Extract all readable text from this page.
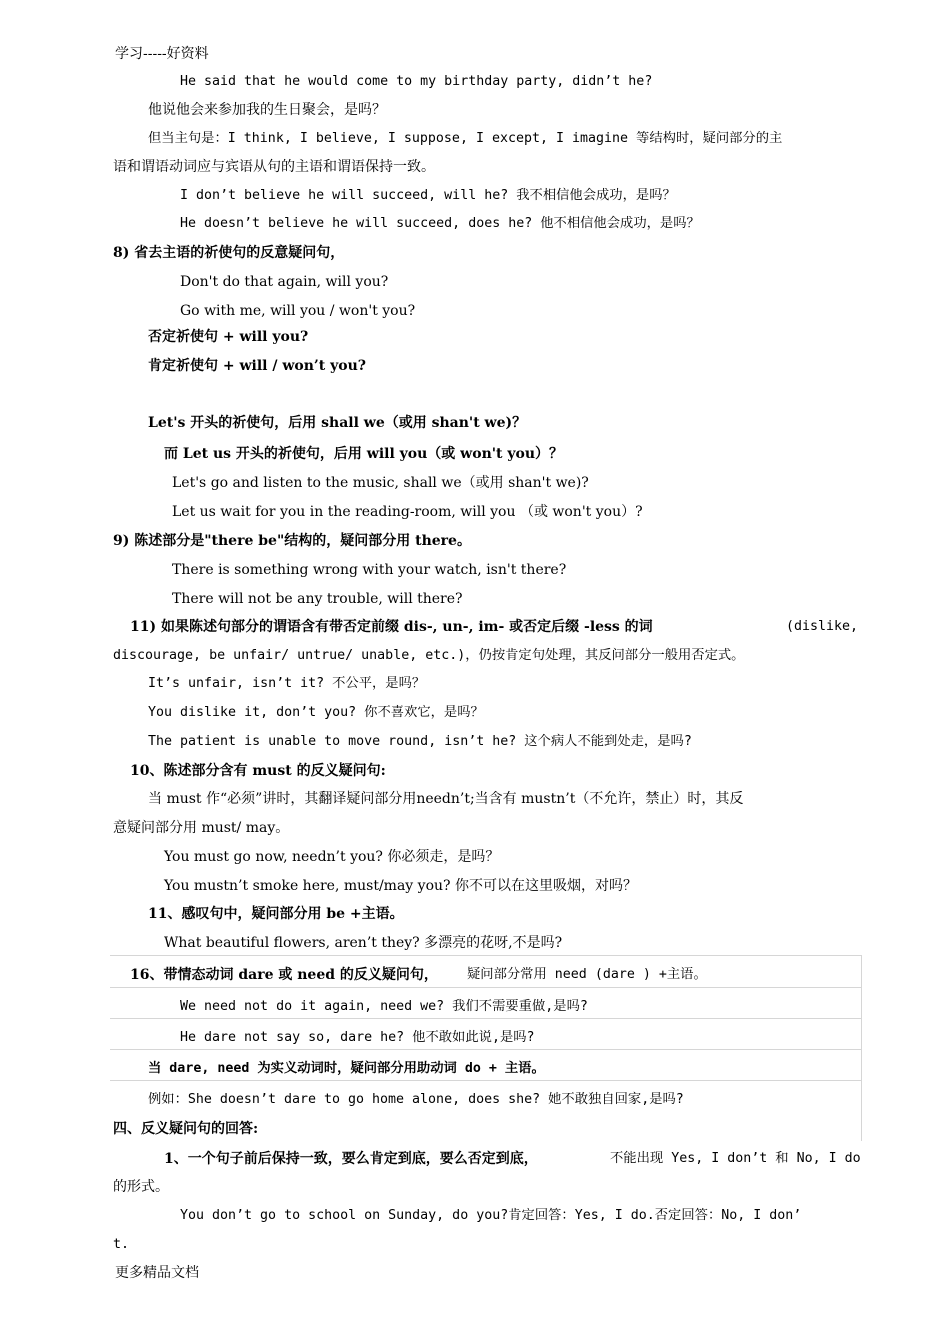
学习-----好资料
He said that he would come to my birthday party, didn’t he?
他说他会来参加我的生日聚会，是吗？
但当主句是：I think, I believe, I suppose, I except, I imagine 等结构时，疑问部分的主
语和谓语动词应与宾语从句的主语和谓语保持一致。
I don’t believe he will succeed, will he? 我不相信他会成功，是吗？
He doesn’t believe he will succeed, does he? 他不相信他会成功，是吗？
8) 省去主语的祈使句的反意疑问句，
Don't do that again, will you?
Go with me, will you / won't you?
否定祈使句 + will you?
肯定祈使句 + will / won’t you?
Let's 开头的祈使句，后用 shall we（或用 shan't we)？
而 Let us 开头的祈使句，后用 will you（或 won't you）？
Let's go and listen to the music, shall we（或用 shan't we)?
Let us wait for you in the reading-room, will you （或 won't you）?
9) 陈述部分是"there be"结构的，疑问部分用 there。
There is something wrong with your watch, isn't there?
There will not be any trouble, will there?
11) 如果陈述句部分的谓语含有带否定前缀 dis-, un-, im- 或否定后缀 -less 的词	(dislike,
discourage, be unfair/ untrue/ unable, etc.)，仍按肯定句处理，其反问部分一般用否定式。
It’s unfair, isn’t it? 不公平，是吗？
You dislike it, don’t you? 你不喜欢它，是吗？
The patient is unable to move round, isn’t he? 这个病人不能到处走，是吗?
10、陈述部分含有 must 的反义疑问句:
当 must 作“必须”讲时，其翻译疑问部分用needn’t;当含有 mustn’t（不允许，禁止）时，其反
意疑问部分用 must/ may。
You must go now, needn’t you? 你必须走，是吗？
You mustn’t smoke here, must/may you? 你不可以在这里吸烟，对吗？
11、感叹句中，疑问部分用 be +主语。
What beautiful flowers, aren’t they? 多漂亮的花呀,不是吗?
16、带情态动词 dare 或 need 的反义疑问句， 疑问部分常用 need (dare ) +主语。
We need not do it again, need we? 我们不需要重做,是吗?
He dare not say so, dare he? 他不敢如此说,是吗?
当 dare, need 为实义动词时，疑问部分用助动词 do + 主语。
例如：She doesn’t dare to go home alone, does she? 她不敢独自回家,是吗?
四、反义疑问句的回答:
1、一个句子前后保持一致，要么肯定到底，要么否定到底，	不能出现 Yes, I don’t 和 No, I do
的形式。
You don’t go to school on Sunday, do you?肯定回答：Yes, I do.否定回答：No, I don’
t.
更多精品文档
